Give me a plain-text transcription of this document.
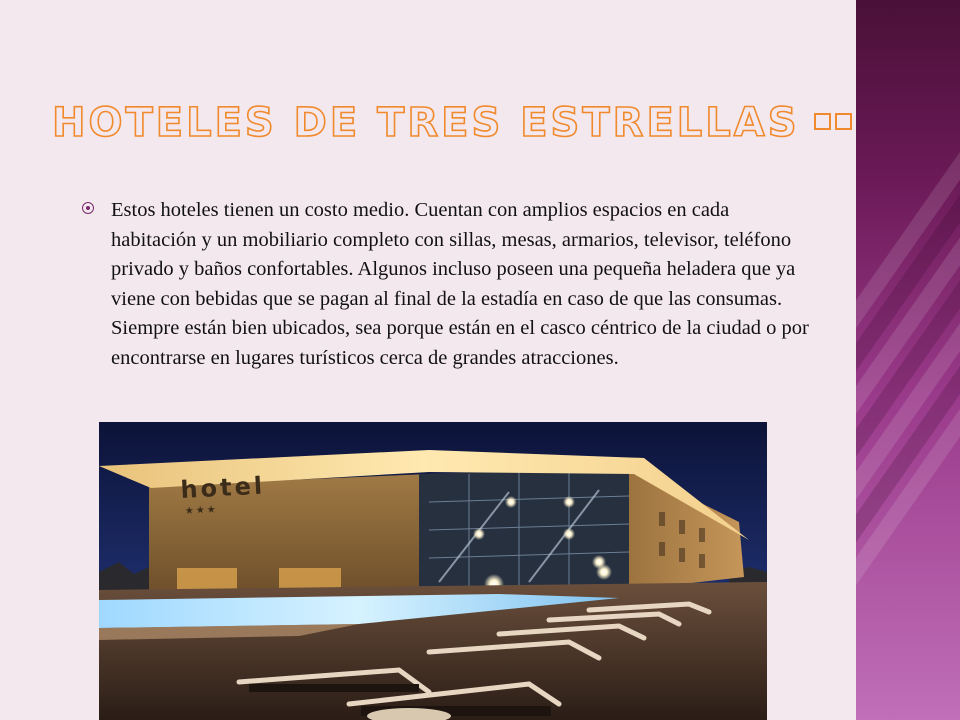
HOTELES DE TRES ESTRELLAS

Estos hoteles tienen un costo medio. Cuentan con amplios espacios en cada habitación y un mobiliario completo con sillas, mesas, armarios, televisor, teléfono privado y baños confortables. Algunos incluso poseen una pequeña heladera que ya viene con bebidas que se pagan al final de la estadía en caso de que las consumas. Siempre están bien ubicados, sea porque están en el casco céntrico de la ciudad o por encontrarse en lugares turísticos cerca de grandes atracciones.

hotel
★★★
